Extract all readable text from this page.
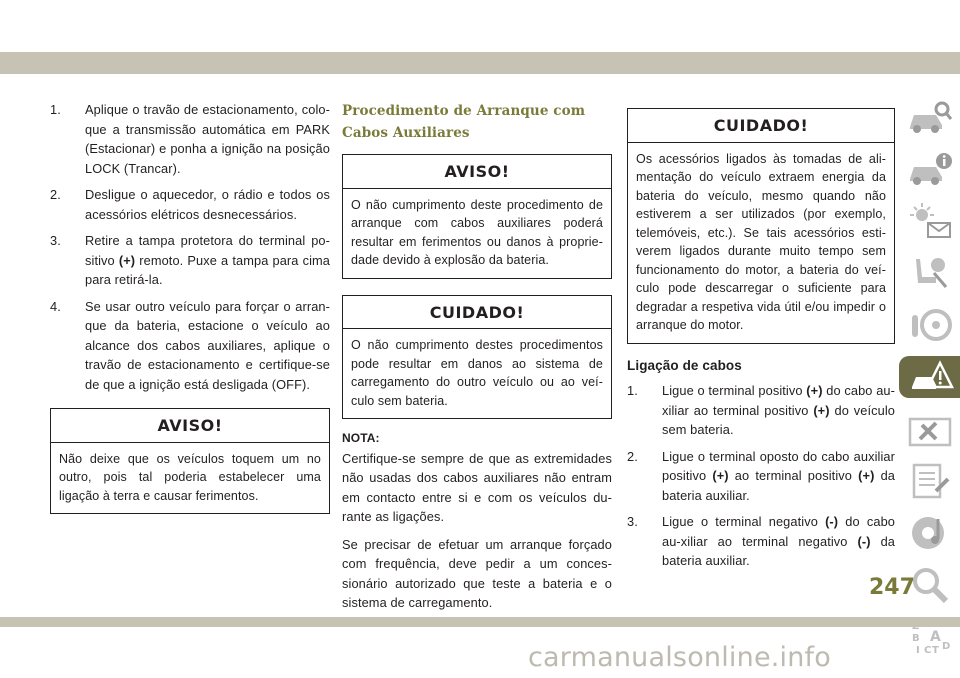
1. Aplique o travão de estacionamento, colo-que a transmissão automática em PARK (Estacionar) e ponha a ignição na posição LOCK (Trancar).
2. Desligue o aquecedor, o rádio e todos os acessórios elétricos desnecessários.
3. Retire a tampa protetora do terminal po-sitivo (+) remoto. Puxe a tampa para cima para retirá-la.
4. Se usar outro veículo para forçar o arran-que da bateria, estacione o veículo ao alcance dos cabos auxiliares, aplique o travão de estacionamento e certifique-se de que a ignição está desligada (OFF).
AVISO!
Não deixe que os veículos toquem um no outro, pois tal poderia estabelecer uma ligação à terra e causar ferimentos.
Procedimento de Arranque com Cabos Auxiliares
AVISO!
O não cumprimento deste procedimento de arranque com cabos auxiliares poderá resultar em ferimentos ou danos à proprie-dade devido à explosão da bateria.
CUIDADO!
O não cumprimento destes procedimentos pode resultar em danos ao sistema de carregamento do outro veículo ou ao veí-culo sem bateria.
NOTA:

Certifique-se sempre de que as extremidades não usadas dos cabos auxiliares não entram em contacto entre si e com os veículos du-rante as ligações.

Se precisar de efetuar um arranque forçado com frequência, deve pedir a um conces-sionário autorizado que teste a bateria e o sistema de carregamento.

CUIDADO!
Os acessórios ligados às tomadas de ali-mentação do veículo extraem energia da bateria do veículo, mesmo quando não estiverem a ser utilizados (por exemplo, telemóveis, etc.). Se tais acessórios esti-verem ligados durante muito tempo sem funcionamento do motor, a bateria do veí-culo pode descarregar o suficiente para degradar a respetiva vida útil e/ou impedir o arranque do motor.
Ligação de cabos
1. Ligue o terminal positivo (+) do cabo au-xiliar ao terminal positivo (+) do veículo sem bateria.
2. Ligue o terminal oposto do cabo auxiliar positivo (+) ao terminal positivo (+) da bateria auxiliar.
3. Ligue o terminal negativo (-) do cabo au-xiliar ao terminal negativo (-) da bateria auxiliar.
B A
I C T D
247
carmanualsonline.info
